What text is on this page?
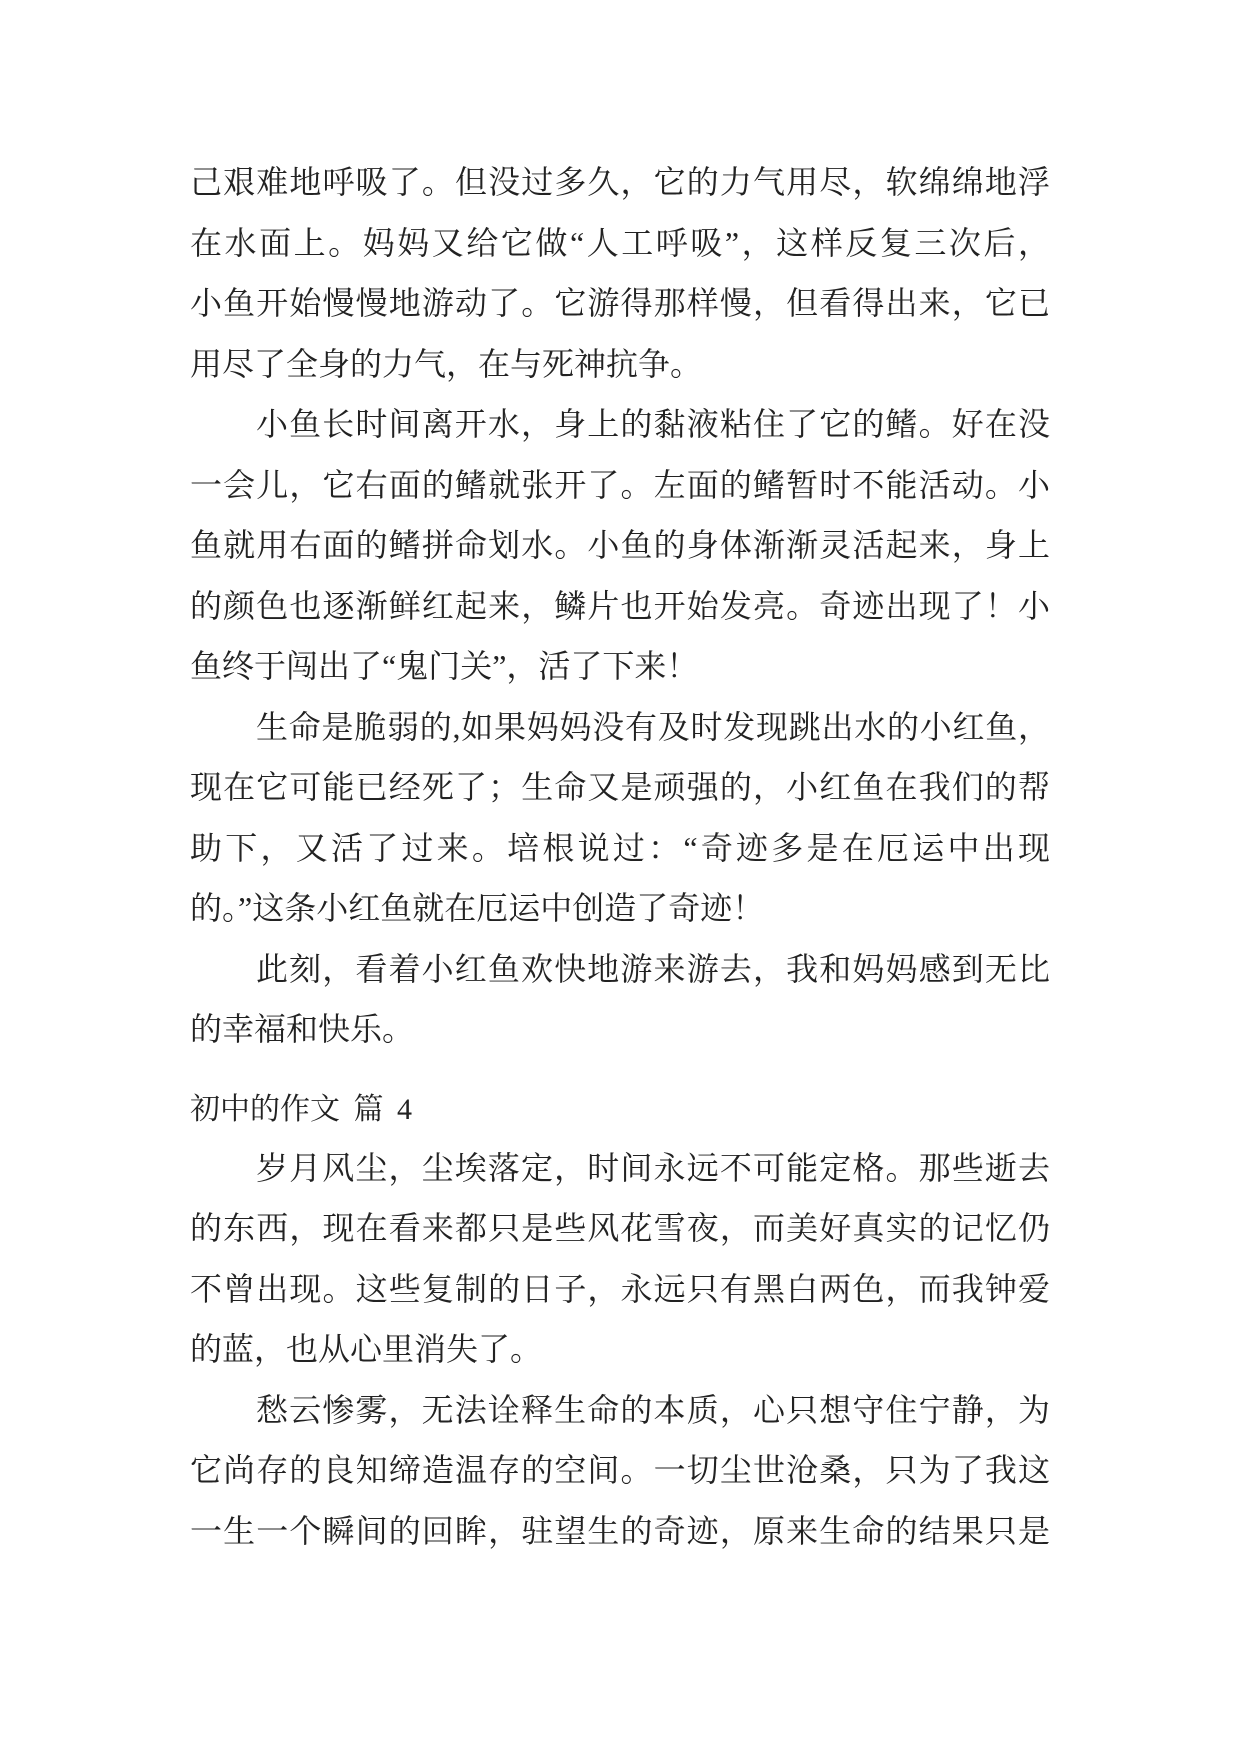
己艰难地呼吸了。但没过多久，它的力气用尽，软绵绵地浮
在水面上。妈妈又给它做“人工呼吸”，这样反复三次后，
小鱼开始慢慢地游动了。它游得那样慢，但看得出来，它已
用尽了全身的力气，在与死神抗争。
小鱼长时间离开水，身上的黏液粘住了它的鳍。好在没
一会儿，它右面的鳍就张开了。左面的鳍暂时不能活动。小
鱼就用右面的鳍拼命划水。小鱼的身体渐渐灵活起来，身上
的颜色也逐渐鲜红起来，鳞片也开始发亮。奇迹出现了！小
鱼终于闯出了“鬼门关”，活了下来！
生命是脆弱的,如果妈妈没有及时发现跳出水的小红鱼，
现在它可能已经死了；生命又是顽强的，小红鱼在我们的帮
助下，又活了过来。培根说过：“奇迹多是在厄运中出现
的。”这条小红鱼就在厄运中创造了奇迹！
此刻，看着小红鱼欢快地游来游去，我和妈妈感到无比
的幸福和快乐。
初中的作文 篇 4
岁月风尘，尘埃落定，时间永远不可能定格。那些逝去
的东西，现在看来都只是些风花雪夜，而美好真实的记忆仍
不曾出现。这些复制的日子，永远只有黑白两色，而我钟爱
的蓝，也从心里消失了。
愁云惨雾，无法诠释生命的本质，心只想守住宁静，为
它尚存的良知缔造温存的空间。一切尘世沧桑，只为了我这
一生一个瞬间的回眸，驻望生的奇迹，原来生命的结果只是
